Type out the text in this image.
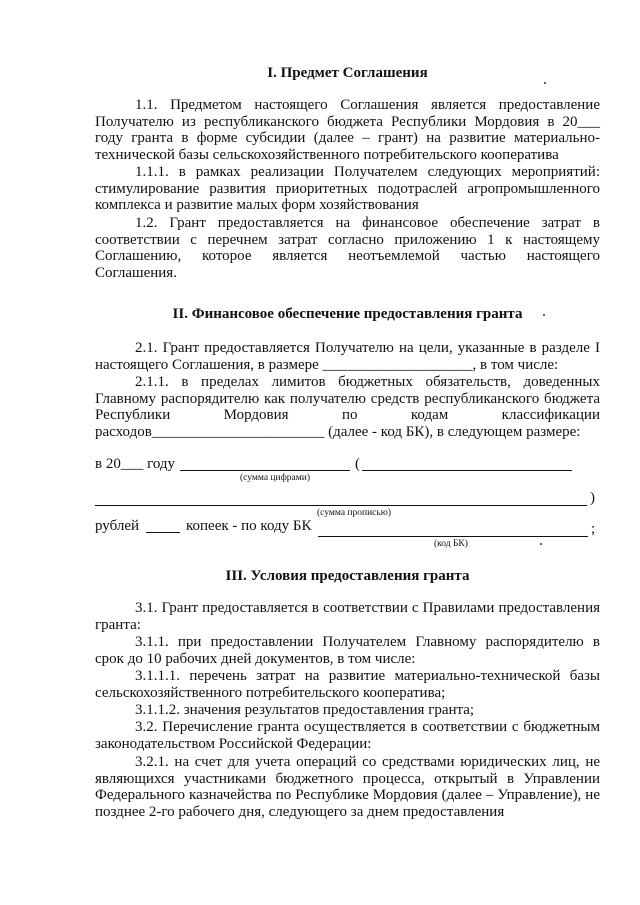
I. Предмет Соглашения

1.1. Предметом настоящего Соглашения является предоставление Получателю из республиканского бюджета Республики Мордовия в 20___ году гранта в форме субсидии (далее – грант) на развитие материально-технической базы сельскохозяйственного потребительского кооператива

1.1.1. в рамках реализации Получателем следующих мероприятий: стимулирование развития приоритетных подотраслей агропромышленного комплекса и развитие малых форм хозяйствования

1.2. Грант предоставляется на финансовое обеспечение затрат в соответствии с перечнем затрат согласно приложению 1 к настоящему Соглашению, которое является неотъемлемой частью настоящего Соглашения.

II. Финансовое обеспечение предоставления гранта

2.1. Грант предоставляется Получателю на цели, указанные в разделе I настоящего Соглашения, в размере ____________________, в том числе:

2.1.1. в пределах лимитов бюджетных обязательств, доведенных Главному распорядителю как получателю средств республиканского бюджета Республики Мордовия по кодам классификации расходов_______________________ (далее - код БК), в следующем размере:

в 20___ году	(
(сумма цифрами)
)
(сумма прописью)
рублей	копеек - по коду БК	;
(код БК)
III. Условия предоставления гранта

3.1. Грант предоставляется в соответствии с Правилами предоставления гранта:

3.1.1. при предоставлении Получателем Главному распорядителю в срок до 10 рабочих дней документов, в том числе:

3.1.1.1. перечень затрат на развитие материально-технической базы сельскохозяйственного потребительского кооператива;

3.1.1.2. значения результатов предоставления гранта;

3.2. Перечисление гранта осуществляется в соответствии с бюджетным законодательством Российской Федерации:

3.2.1. на счет для учета операций со средствами юридических лиц, не являющихся участниками бюджетного процесса, открытый в Управлении Федерального казначейства по Республике Мордовия (далее – Управление), не позднее 2-го рабочего дня, следующего за днем предоставления
